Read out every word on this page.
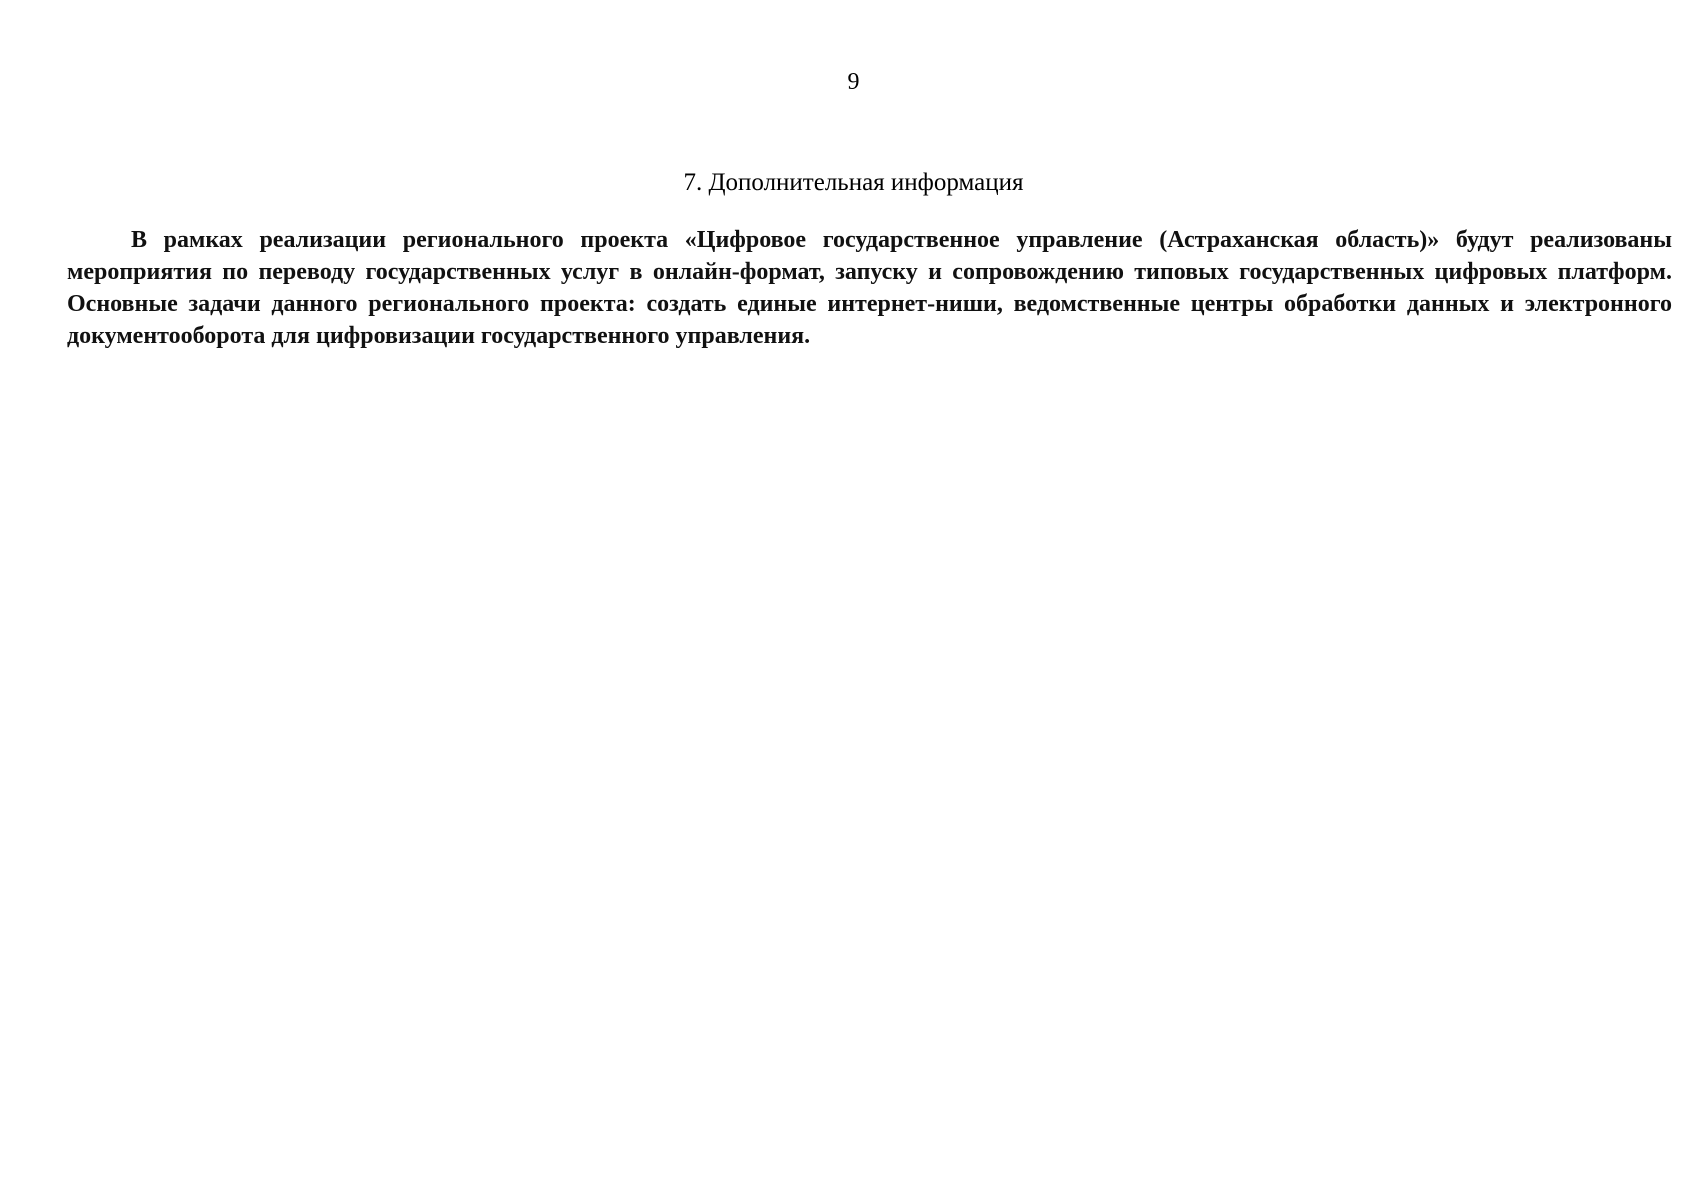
9
7. Дополнительная информация

В рамках реализации регионального проекта «Цифровое государственное управление (Астраханская область)» будут реализованы мероприятия по переводу государственных услуг в онлайн-формат, запуску и сопровождению типовых государственных цифровых платформ. Основные задачи данного регионального проекта: создать единые интернет-ниши, ведомственные центры обработки данных и электронного документооборота для цифровизации государственного управления.
